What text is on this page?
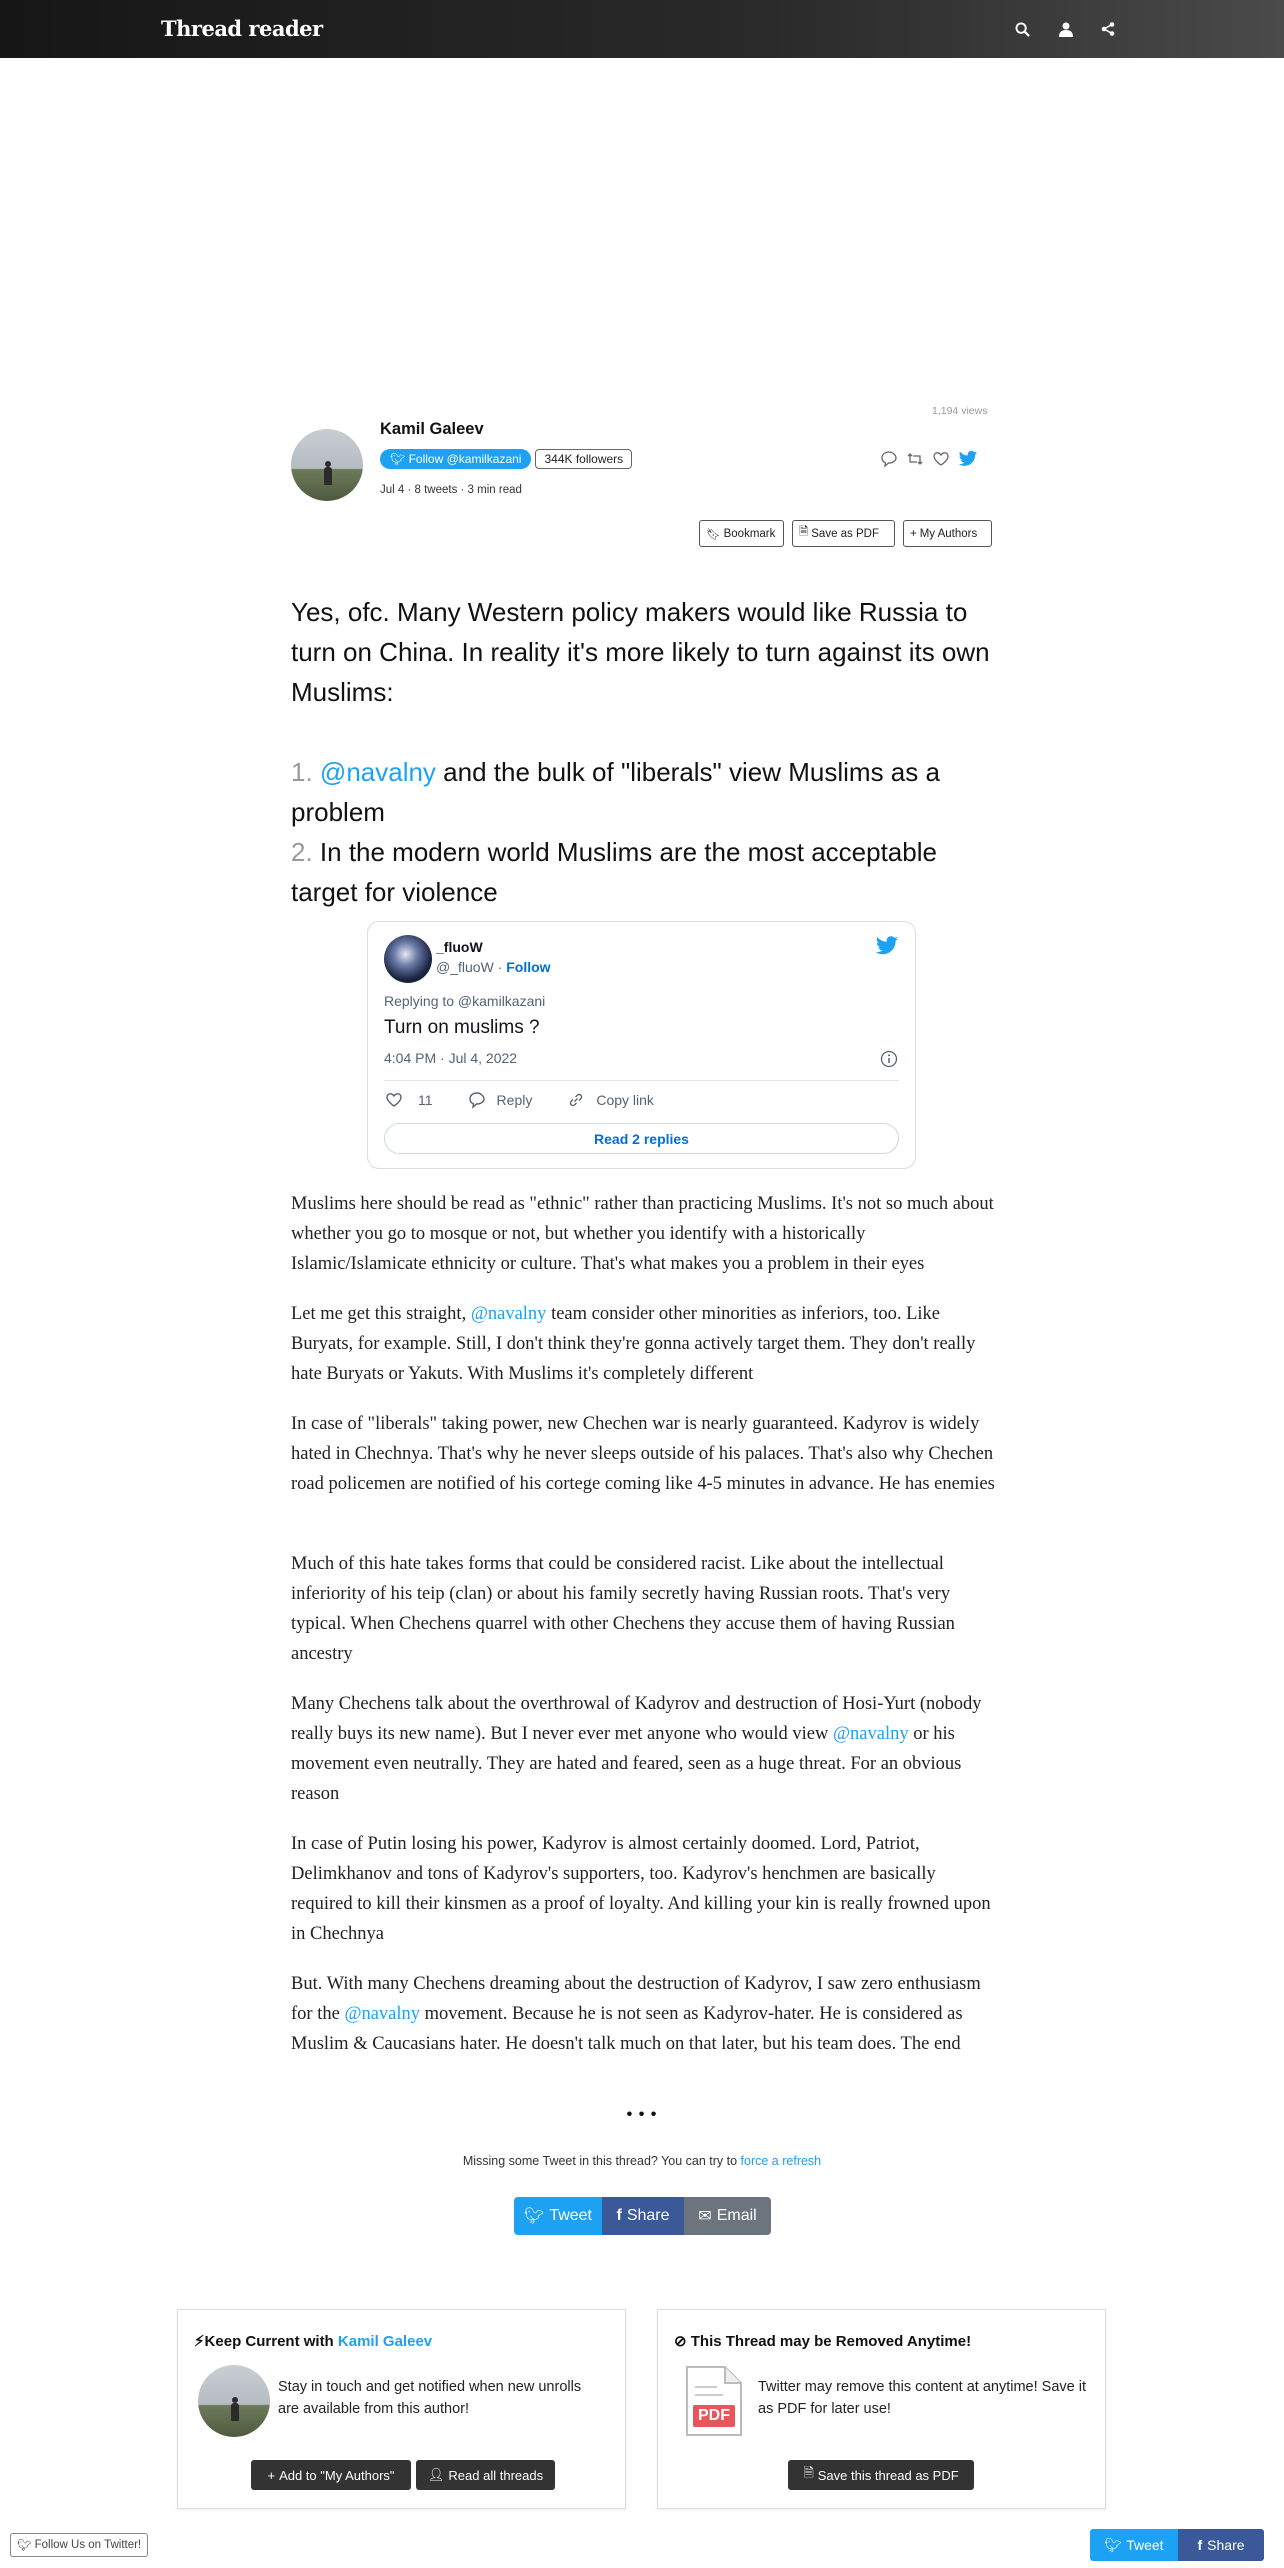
Thread reader
1,194 views
Kamil Galeev
🐦︎ Follow @kamilkazani	344K followers
Jul 4 · 8 tweets · 3 min read
🔖︎ Bookmark 🗎 Save as PDF	+ My Authors
Yes, ofc. Many Western policy makers would like Russia to turn on China. In reality it's more likely to turn against its own Muslims:
1. @navalny and the bulk of "liberals" view Muslims as a problem
2. In the modern world Muslims are the most acceptable target for violence
_fluoW
@_fluoW · Follow
Replying to @kamilkazani
Turn on muslims ?
4:04 PM · Jul 4, 2022
11	Reply	Copy link
Read 2 replies
Muslims here should be read as "ethnic" rather than practicing Muslims. It's not so much about whether you go to mosque or not, but whether you identify with a historically Islamic/Islamicate ethnicity or culture. That's what makes you a problem in their eyes
Let me get this straight, @navalny team consider other minorities as inferiors, too. Like Buryats, for example. Still, I don't think they're gonna actively target them. They don't really hate Buryats or Yakuts. With Muslims it's completely different
In case of "liberals" taking power, new Chechen war is nearly guaranteed. Kadyrov is widely hated in Chechnya. That's why he never sleeps outside of his palaces. That's also why Chechen road policemen are notified of his cortege coming like 4-5 minutes in advance. He has enemies
Much of this hate takes forms that could be considered racist. Like about the intellectual inferiority of his teip (clan) or about his family secretly having Russian roots. That's very typical. When Chechens quarrel with other Chechens they accuse them of having Russian ancestry
Many Chechens talk about the overthrowal of Kadyrov and destruction of Hosi-Yurt (nobody really buys its new name). But I never ever met anyone who would view @navalny or his movement even neutrally. They are hated and feared, seen as a huge threat. For an obvious reason
In case of Putin losing his power, Kadyrov is almost certainly doomed. Lord, Patriot, Delimkhanov and tons of Kadyrov's supporters, too. Kadyrov's henchmen are basically required to kill their kinsmen as a proof of loyalty. And killing your kin is really frowned upon in Chechnya
But. With many Chechens dreaming about the destruction of Kadyrov, I saw zero enthusiasm for the @navalny movement. Because he is not seen as Kadyrov-hater. He is considered as Muslim & Caucasians hater. He doesn't talk much on that later, but his team does. The end
• • •
Missing some Tweet in this thread? You can try to force a refresh
🐦︎ Tweet f Share ✉ Email
⚡︎Keep Current with Kamil Galeev
Stay in touch and get notified when new unrolls are available from this author!
+ Add to "My Authors"	👤︎ Read all threads
⊘ This Thread may be Removed Anytime!
PDF
Twitter may remove this content at anytime! Save it as PDF for later use!
🗎 Save this thread as PDF
🐦︎ Follow Us on Twitter!	🐦︎ Tweet f Share
